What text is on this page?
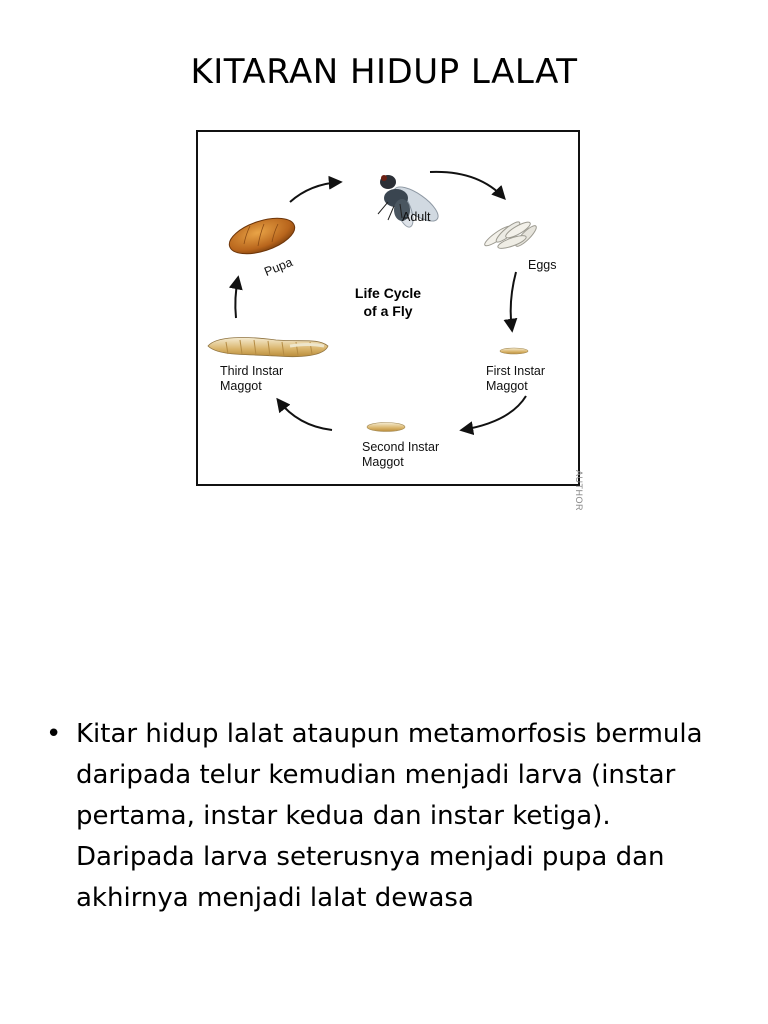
KITARAN HIDUP LALAT
Adult
Eggs
First Instar
Maggot
Second Instar
Maggot
Third Instar
Maggot
Pupa
Life Cycle
of a Fly
AUTHOR
• Kitar hidup lalat ataupun metamorfosis bermula daripada telur kemudian menjadi larva (instar pertama, instar kedua dan instar ketiga). Daripada larva seterusnya menjadi pupa dan akhirnya menjadi lalat dewasa
